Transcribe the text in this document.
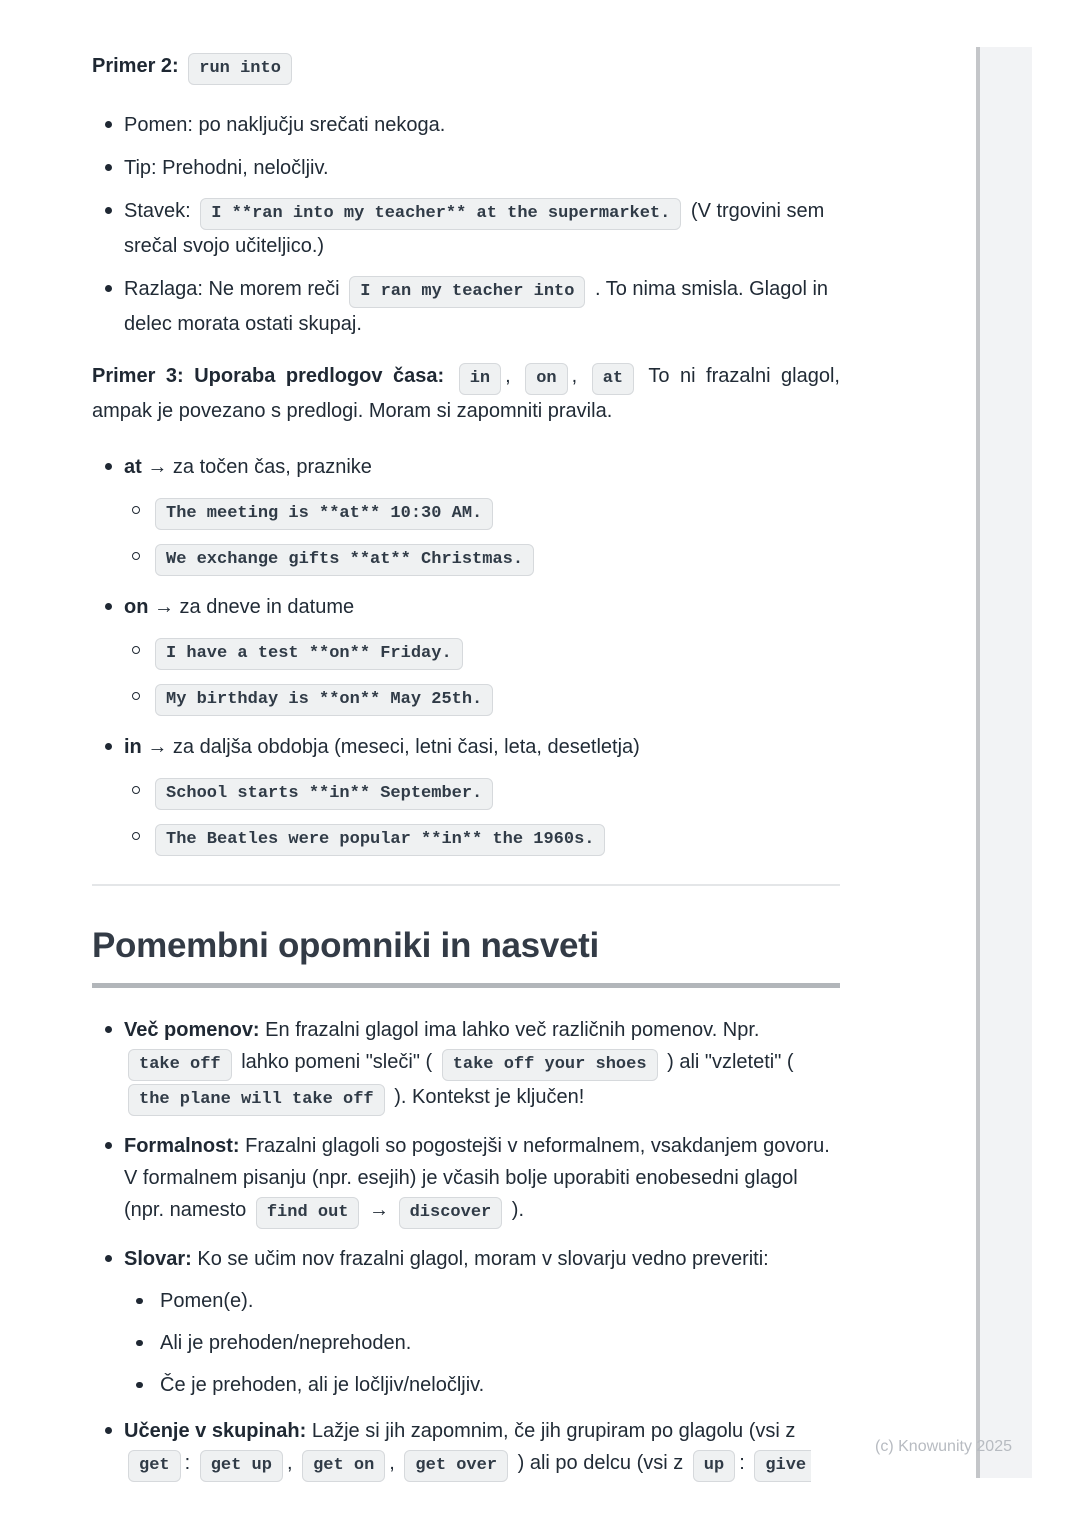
(c) Knowunity 2025

Primer 2: run into

Pomen: po naključju srečati nekoga.
Tip: Prehodni, neločljiv.
Stavek: I **ran into my teacher** at the supermarket. (V trgovini sem srečal svojo učiteljico.)
Razlaga: Ne morem reči I ran my teacher into . To nima smisla. Glagol in delec morata ostati skupaj.

Primer 3: Uporaba predlogov časa: in , on , at To ni frazalni glagol, ampak je povezano s predlogi. Moram si zapomniti pravila.

at → za točen čas, praznike
The meeting is **at** 10:30 AM.
We exchange gifts **at** Christmas.
on → za dneve in datume
I have a test **on** Friday.
My birthday is **on** May 25th.
in → za daljša obdobja (meseci, letni časi, leta, desetletja)
School starts **in** September.
The Beatles were popular **in** the 1960s.
Pomembni opomniki in nasveti
Več pomenov: En frazalni glagol ima lahko več različnih pomenov. Npr. take off lahko pomeni "sleči" ( take off your shoes ) ali "vzleteti" ( the plane will take off ). Kontekst je ključen!
Formalnost: Frazalni glagoli so pogostejši v neformalnem, vsakdanjem govoru. V formalnem pisanju (npr. esejih) je včasih bolje uporabiti enobesedni glagol (npr. namesto find out → discover ).
Slovar: Ko se učim nov frazalni glagol, moram v slovarju vedno preveriti:
Pomen(e).
Ali je prehoden/neprehoden.
Če je prehoden, ali je ločljiv/neločljiv.
Učenje v skupinah: Lažje si jih zapomnim, če jih grupiram po glagolu (vsi z get : get up , get on , get over ) ali po delcu (vsi z up : give
